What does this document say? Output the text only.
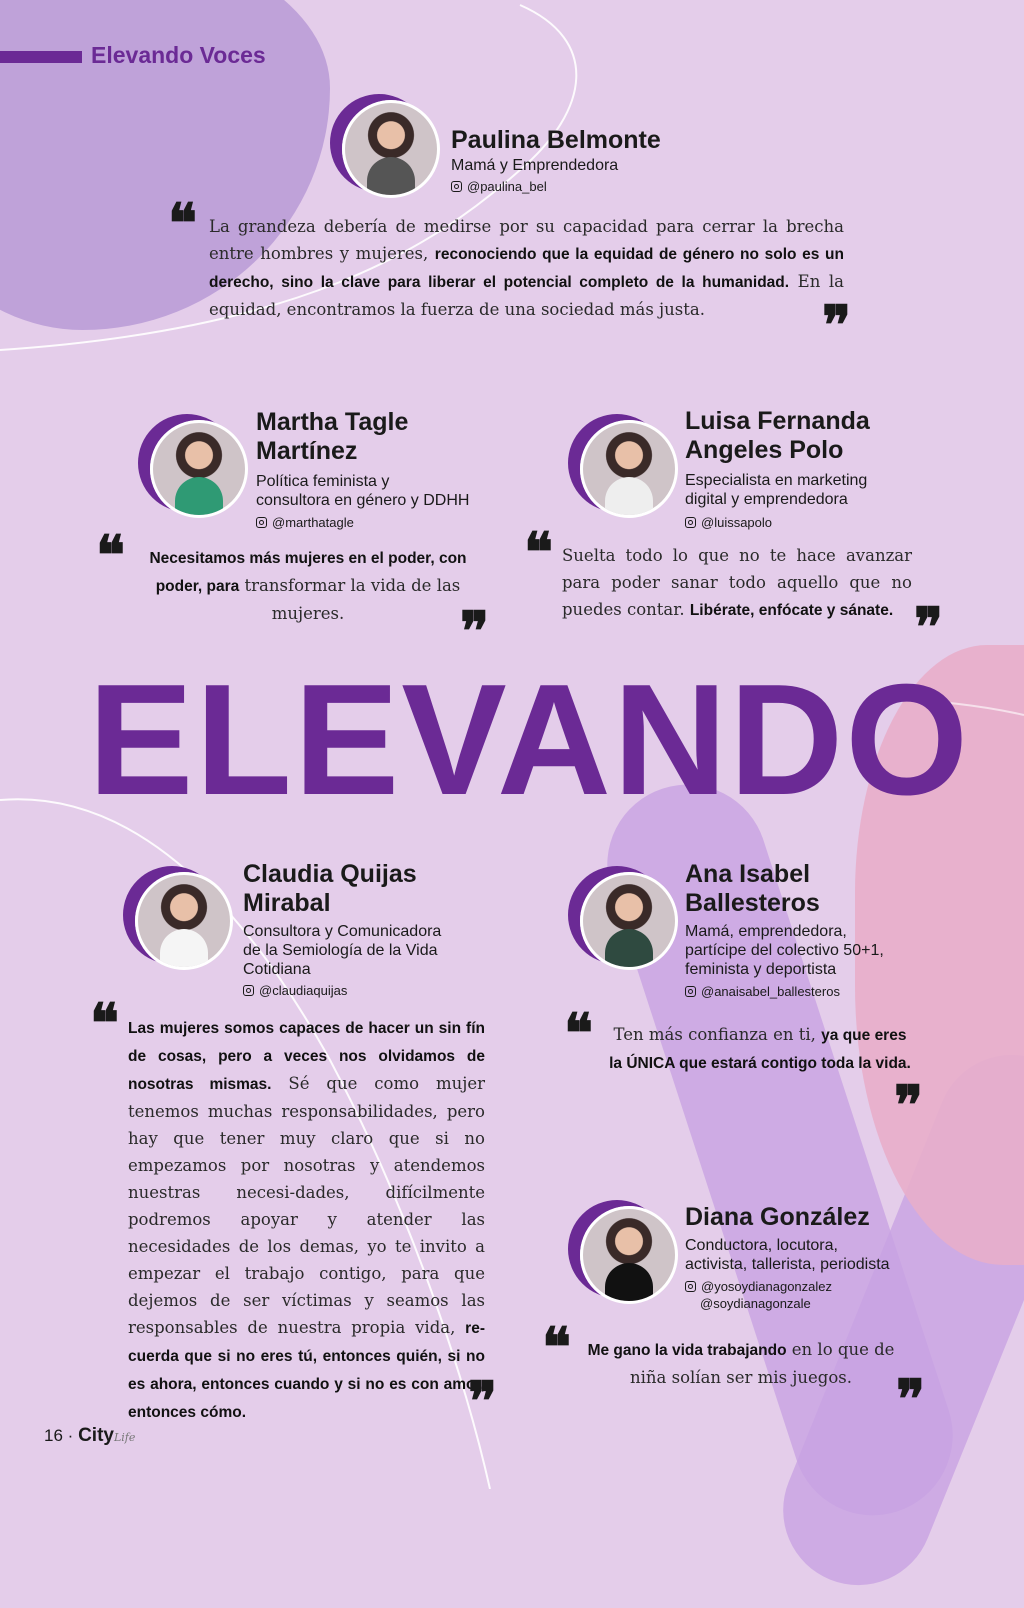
Elevando Voces
Paulina Belmonte
Mamá y Emprendedora
@paulina_bel
❝ La grandeza debería de medirse por su capacidad para cerrar la brecha entre hombres y mujeres, reconociendo que la equidad de género no solo es un derecho, sino la clave para liberar el potencial completo de la humanidad. En la equidad, encontramos la fuerza de una sociedad más justa.	❞
Martha Tagle
Martínez
Política feminista y
consultora en género y DDHH
@marthatagle
❝	Necesitamos más mujeres en el poder, con poder, para transformar la vida de las mujeres.	❞
Luisa Fernanda
Angeles Polo
Especialista en marketing
digital y emprendedora
@luissapolo
❝ Suelta todo lo que no te hace avanzar para poder sanar todo aquello que no puedes contar. Libérate, enfócate y sánate. ❞
ELEVANDO
Claudia Quijas
Mirabal
Consultora y Comunicadora
de la Semiología de la Vida
Cotidiana
@claudiaquijas
❝ Las mujeres somos capaces de hacer un sin fín de cosas, pero a veces nos olvidamos de nosotras mismas. Sé que como mujer tenemos muchas responsabilidades, pero hay que tener muy claro que si no empezamos por nosotras y atendemos nuestras necesi-dades, difícilmente podremos apoyar y atender las necesidades de los demas, yo te invito a empezar el trabajo contigo, para que dejemos de ser víctimas y seamos las responsables de nuestra propia vida, re-cuerda que si no eres tú, entonces quién, si no es ahora, entonces cuando y si no es con amor, entonces cómo.	❞
Ana Isabel
Ballesteros
Mamá, emprendedora,
partícipe del colectivo 50+1,
feminista y deportista
@anaisabel_ballesteros
❝	Ten más confianza en ti, ya que eres la ÚNICA que estará contigo toda la vida.
❞
Diana González
Conductora, locutora,
activista, tallerista, periodista
@yosoydianagonzalez
@soydianagonzale
❝ Me gano la vida trabajando en lo que de niña solían ser mis juegos. ❞
16 · CityLife
